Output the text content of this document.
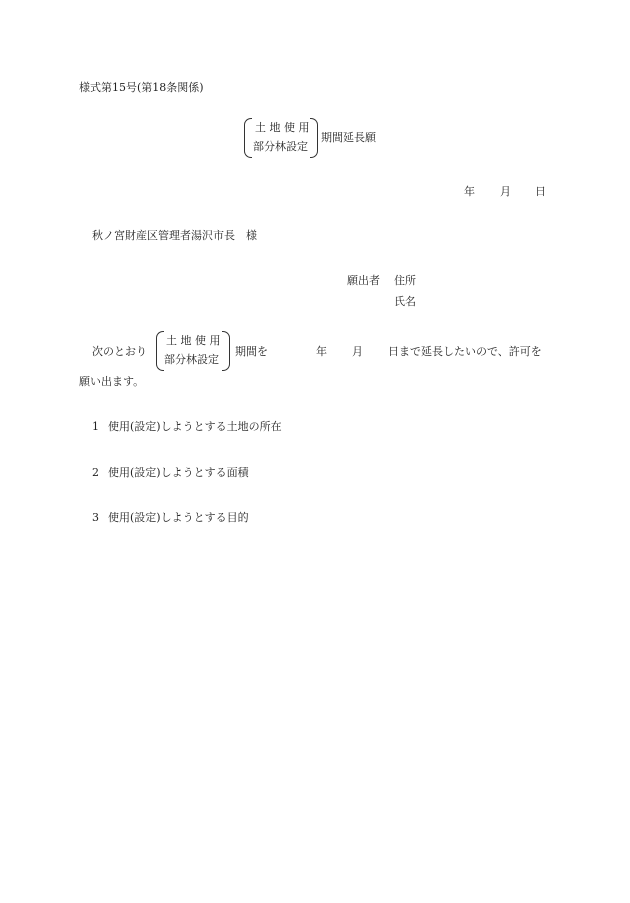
様式第15号(第18条関係)
土 地 使 用
部分林設定
期間延長願
年 月 日
秋ノ宮財産区管理者湯沢市長　様
願出者 住所
氏名
次のとおり
土 地 使 用
部分林設定
期間を	年 月 日まで延長したいので、許可を
願い出ます。
1 使用(設定)しようとする土地の所在
2 使用(設定)しようとする面積
3 使用(設定)しようとする目的
